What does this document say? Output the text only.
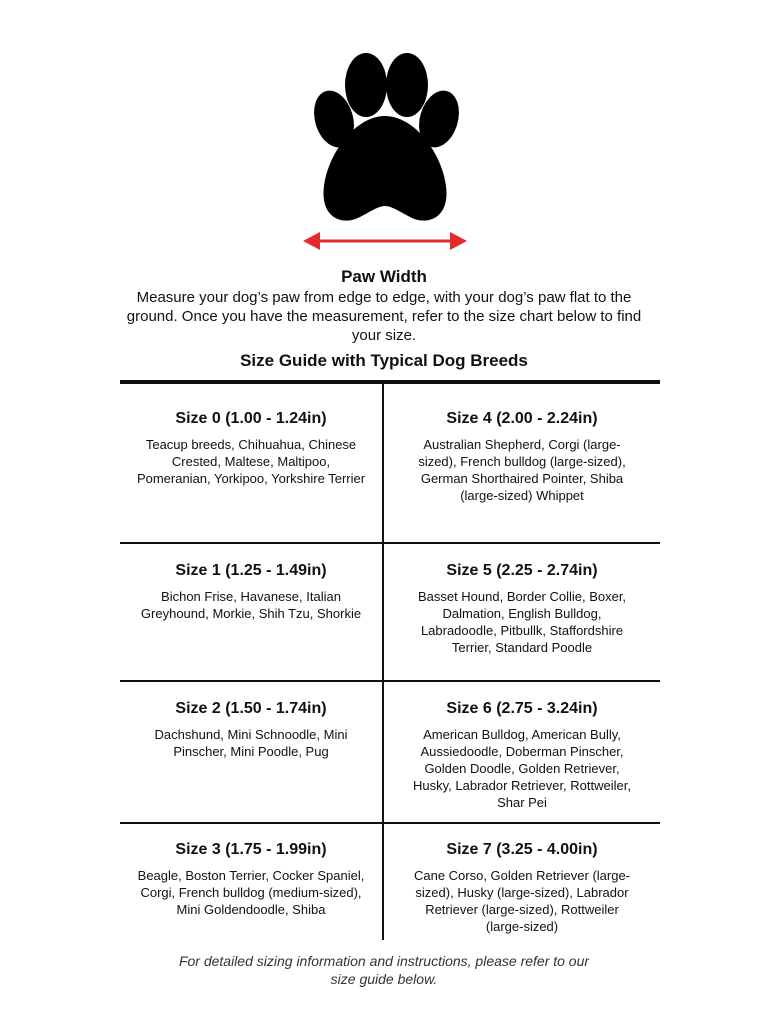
Paw Width

Measure your dog’s paw from edge to edge, with your dog’s paw flat to the ground. Once you have the measurement, refer to the size chart below to find your size.

Size Guide with Typical Dog Breeds

Size 0 (1.00 - 1.24in)

Teacup breeds, Chihuahua, Chinese Crested, Maltese, Maltipoo, Pomeranian, Yorkipoo, Yorkshire Terrier

Size 4 (2.00 - 2.24in)

Australian Shepherd, Corgi (large-sized), French bulldog (large-sized), German Shorthaired Pointer, Shiba (large-sized) Whippet

Size 1 (1.25 - 1.49in)

Bichon Frise, Havanese, Italian Greyhound, Morkie, Shih Tzu, Shorkie

Size 5 (2.25 - 2.74in)

Basset Hound, Border Collie, Boxer, Dalmation, English Bulldog, Labradoodle, Pitbullk, Staffordshire Terrier, Standard Poodle

Size 2 (1.50 - 1.74in)

Dachshund, Mini Schnoodle, Mini Pinscher, Mini Poodle, Pug

Size 6 (2.75 - 3.24in)

American Bulldog, American Bully, Aussiedoodle, Doberman Pinscher, Golden Doodle, Golden Retriever, Husky, Labrador Retriever, Rottweiler, Shar Pei

Size 3 (1.75 - 1.99in)

Beagle, Boston Terrier, Cocker Spaniel, Corgi, French bulldog (medium-sized), Mini Goldendoodle, Shiba

Size 7 (3.25 - 4.00in)

Cane Corso, Golden Retriever (large-sized), Husky (large-sized), Labrador Retriever (large-sized), Rottweiler (large-sized)

For detailed sizing information and instructions, please refer to our
size guide below.
